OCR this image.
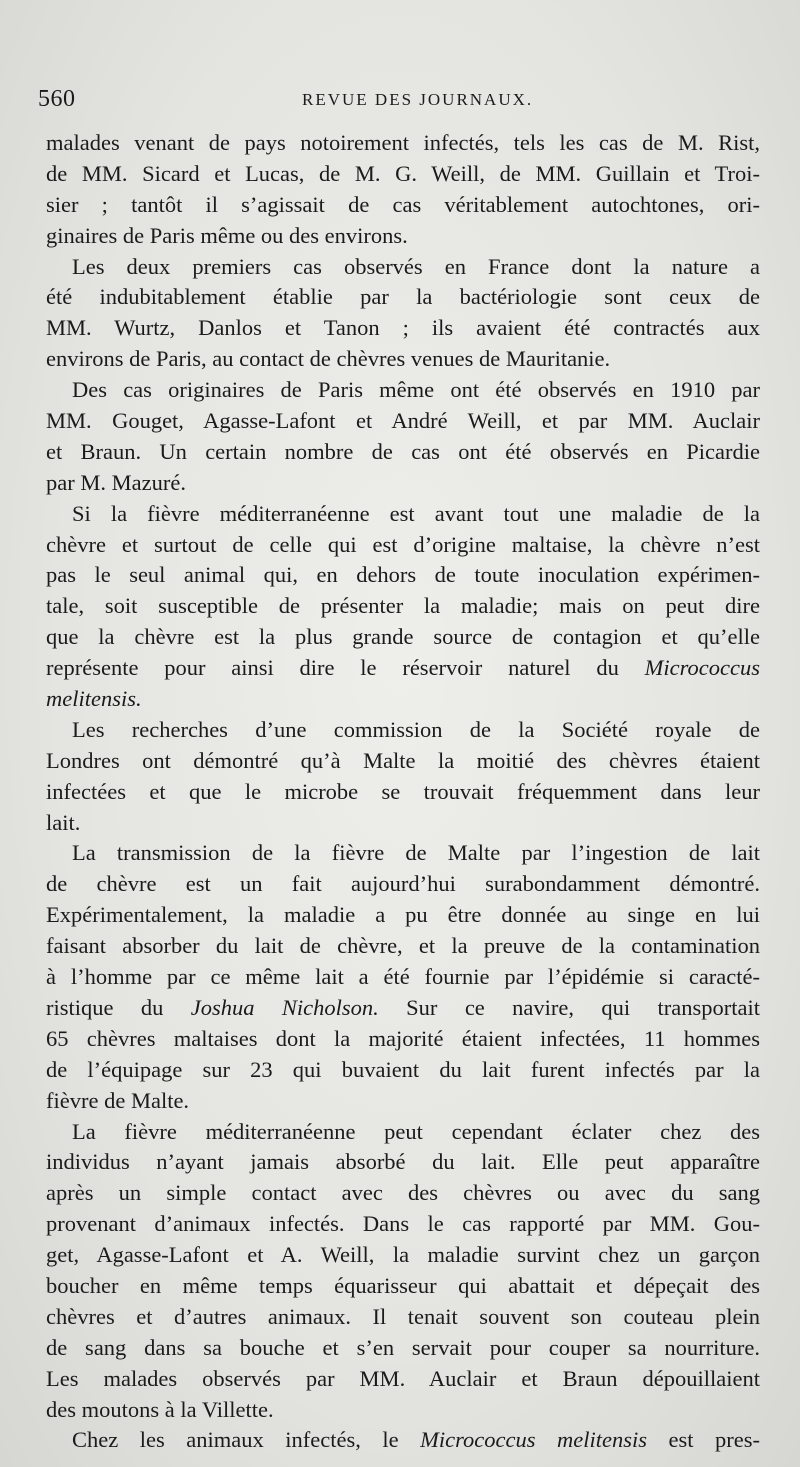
560	REVUE DES JOURNAUX.
malades venant de pays notoirement infectés, tels les cas de M. Rist,
de MM. Sicard et Lucas, de M. G. Weill, de MM. Guillain et Troi-
sier ; tantôt il s’agissait de cas véritablement autochtones, ori-
ginaires de Paris même ou des environs.
Les deux premiers cas observés en France dont la nature a
été indubitablement établie par la bactériologie sont ceux de
MM. Wurtz, Danlos et Tanon ; ils avaient été contractés aux
environs de Paris, au contact de chèvres venues de Mauritanie.
Des cas originaires de Paris même ont été observés en 1910 par
MM. Gouget, Agasse-Lafont et André Weill, et par MM. Auclair
et Braun. Un certain nombre de cas ont été observés en Picardie
par M. Mazuré.
Si la fièvre méditerranéenne est avant tout une maladie de la
chèvre et surtout de celle qui est d’origine maltaise, la chèvre n’est
pas le seul animal qui, en dehors de toute inoculation expérimen-
tale, soit susceptible de présenter la maladie; mais on peut dire
que la chèvre est la plus grande source de contagion et qu’elle
représente pour ainsi dire le réservoir naturel du Micrococcus
melitensis.
Les recherches d’une commission de la Société royale de
Londres ont démontré qu’à Malte la moitié des chèvres étaient
infectées et que le microbe se trouvait fréquemment dans leur
lait.
La transmission de la fièvre de Malte par l’ingestion de lait
de chèvre est un fait aujourd’hui surabondamment démontré.
Expérimentalement, la maladie a pu être donnée au singe en lui
faisant absorber du lait de chèvre, et la preuve de la contamination
à l’homme par ce même lait a été fournie par l’épidémie si caracté-
ristique du Joshua Nicholson. Sur ce navire, qui transportait
65 chèvres maltaises dont la majorité étaient infectées, 11 hommes
de l’équipage sur 23 qui buvaient du lait furent infectés par la
fièvre de Malte.
La fièvre méditerranéenne peut cependant éclater chez des
individus n’ayant jamais absorbé du lait. Elle peut apparaître
après un simple contact avec des chèvres ou avec du sang
provenant d’animaux infectés. Dans le cas rapporté par MM. Gou-
get, Agasse-Lafont et A. Weill, la maladie survint chez un garçon
boucher en même temps équarisseur qui abattait et dépeçait des
chèvres et d’autres animaux. Il tenait souvent son couteau plein
de sang dans sa bouche et s’en servait pour couper sa nourriture.
Les malades observés par MM. Auclair et Braun dépouillaient
des moutons à la Villette.
Chez les animaux infectés, le Micrococcus melitensis est pres-
